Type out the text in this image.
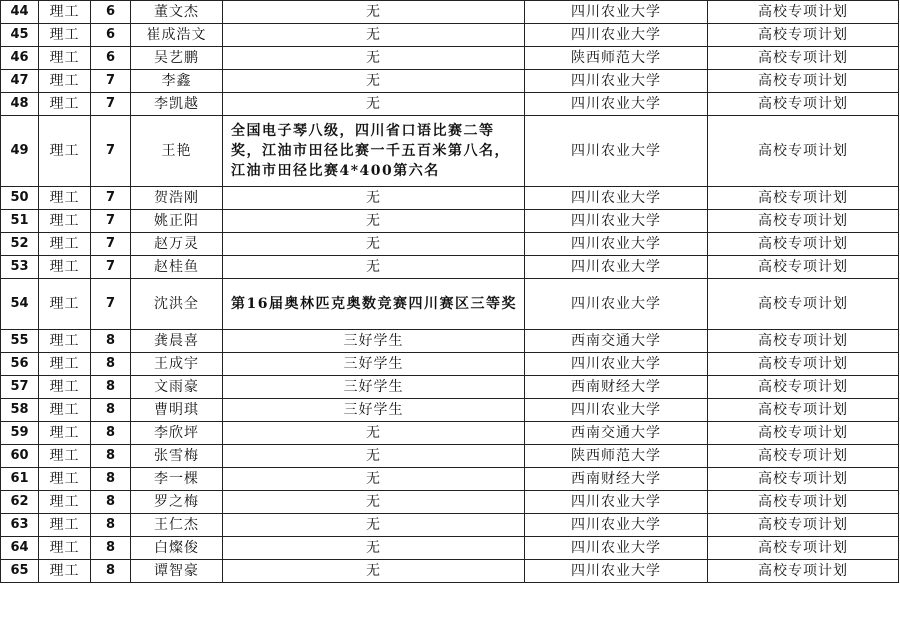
44	理工	6	董文杰	无	四川农业大学	高校专项计划
45	理工	6	崔成浩文	无	四川农业大学	高校专项计划
46	理工	6	吴艺鹏	无	陕西师范大学	高校专项计划
47	理工	7	李鑫	无	四川农业大学	高校专项计划
48	理工	7	李凯越	无	四川农业大学	高校专项计划
49	理工	7	王艳	全国电子琴八级，四川省口语比赛二等奖，江油市田径比赛一千五百米第八名，江油市田径比赛4*400第六名	四川农业大学	高校专项计划
50	理工	7	贺浩刚	无	四川农业大学	高校专项计划
51	理工	7	姚正阳	无	四川农业大学	高校专项计划
52	理工	7	赵万灵	无	四川农业大学	高校专项计划
53	理工	7	赵桂鱼	无	四川农业大学	高校专项计划
54	理工	7	沈洪全	第16届奥林匹克奥数竞赛四川赛区三等奖	四川农业大学	高校专项计划
55	理工	8	龚晨喜	三好学生	西南交通大学	高校专项计划
56	理工	8	王成宇	三好学生	四川农业大学	高校专项计划
57	理工	8	文雨豪	三好学生	西南财经大学	高校专项计划
58	理工	8	曹明琪	三好学生	四川农业大学	高校专项计划
59	理工	8	李欣坪	无	西南交通大学	高校专项计划
60	理工	8	张雪梅	无	陕西师范大学	高校专项计划
61	理工	8	李一棵	无	西南财经大学	高校专项计划
62	理工	8	罗之梅	无	四川农业大学	高校专项计划
63	理工	8	王仁杰	无	四川农业大学	高校专项计划
64	理工	8	白燦俊	无	四川农业大学	高校专项计划
65	理工	8	谭智豪	无	四川农业大学	高校专项计划
